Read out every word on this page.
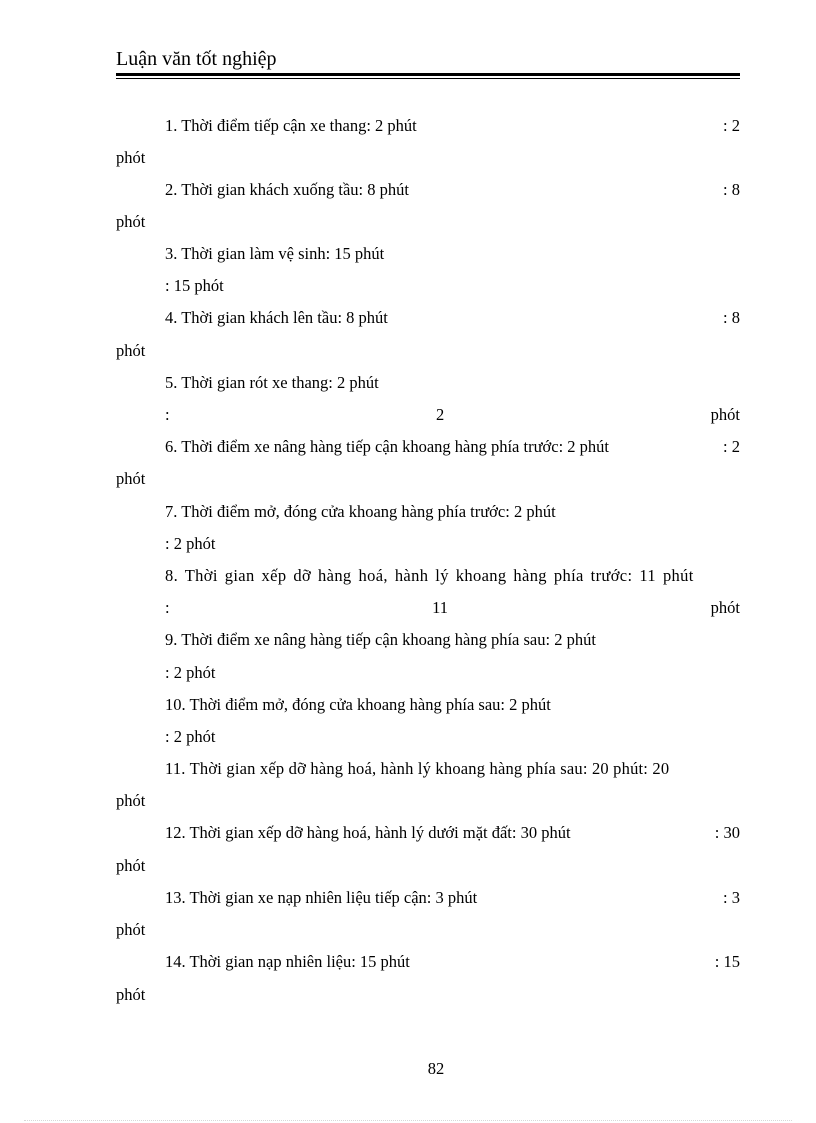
Luận văn tốt nghiệp
1. Thời điểm tiếp cận xe thang: 2 phút	: 2
phót
2. Thời gian khách xuống tầu: 8 phút	: 8
phót
3. Thời gian làm vệ sinh: 15 phút
: 15 phót
4. Thời gian khách lên tầu: 8 phút	: 8
phót
5. Thời gian rót xe thang: 2 phút
:	2	phót
6. Thời điểm xe nâng hàng tiếp cận khoang hàng phía trước: 2 phút	: 2
phót
7. Thời điểm mở, đóng cửa khoang hàng phía trước: 2 phút
: 2 phót
8. Thời gian xếp dỡ hàng hoá, hành lý khoang hàng phía trước: 11 phút
:	11	phót
9. Thời điểm xe nâng hàng tiếp cận khoang hàng phía sau: 2 phút
: 2 phót
10. Thời điểm mở, đóng cửa khoang hàng phía sau: 2 phút
: 2 phót
11. Thời gian xếp dỡ hàng hoá, hành lý khoang hàng phía sau: 20 phút: 20
phót
12. Thời gian xếp dỡ hàng hoá, hành lý dưới mặt đất: 30 phút	: 30
phót
13. Thời gian xe nạp nhiên liệu tiếp cận: 3 phút	: 3
phót
14. Thời gian nạp nhiên liệu: 15 phút	: 15
phót
82
